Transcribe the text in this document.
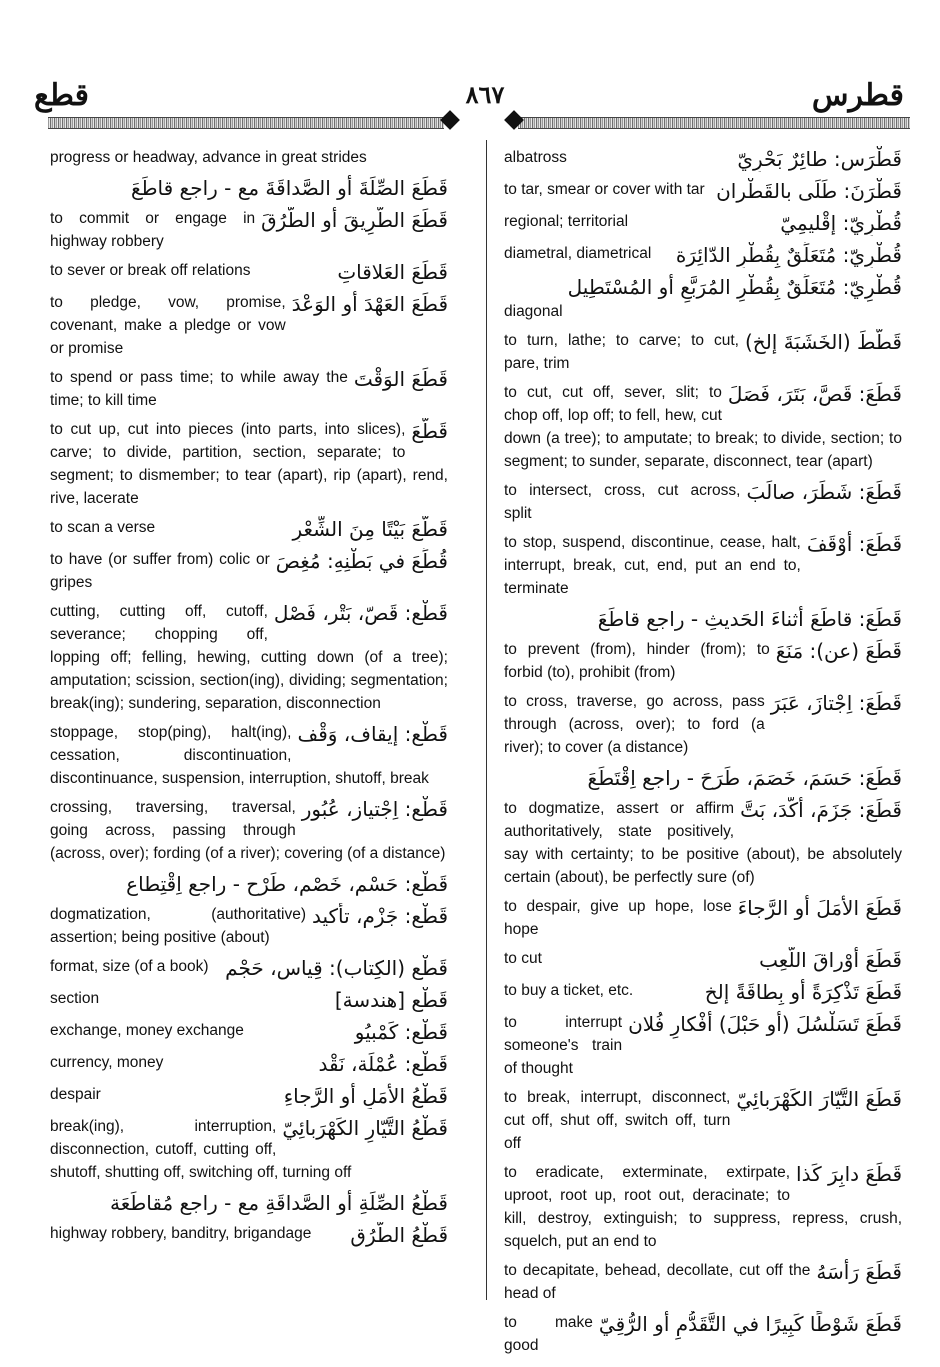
قطع	٨٦٧	قطرس
progress or headway, advance in great strides
قَطَعَ الصِّلَةَ أو الصَّداقَةَ مع - راجع قاطَعَ
قَطَعَ الطَّرِيقَ أو الطُّرُقَ
to commit or engage in highway robbery
قَطَعَ العَلاقاتِ
to sever or break off relations
قَطَعَ العَهْدَ أو الوَعْدَ
to pledge, vow, promise, covenant, make a pledge or vow or promise
قَطَعَ الوَقْتَ
to spend or pass time; to while away the time; to kill time
قَطَّعَ
to cut up, cut into pieces (into parts, into slices), carve; to divide, partition, section, separate; to segment; to dismember; to tear (apart), rip (apart), rend, rive, lacerate
قَطَّعَ بَيْتًا مِنَ الشِّعْرِ
to scan a verse
قُطِّعَ في بَطْنِهِ: مُغِصَ
to have (or suffer from) colic or gripes
قَطْع: قَصّ، بَتْر، فَصْل
cutting, cutting off, cutoff, severance; chopping off, lopping off; felling, hewing, cutting down (of a tree); amputation; scission, section(ing), dividing; segmentation; break(ing); sundering, separation, disconnection
قَطْع: إيقاف، وَقْف
stoppage, stop(ping), halt(ing), cessation, discontinuation, discontinuance, suspension, interruption, shutoff, break
قَطْع: اِجْتياز، عُبُور
crossing, traversing, traversal, going across, passing through (across, over); fording (of a river); covering (of a distance)
قَطْع: حَسْم، خَصْم، طَرْح - راجع اِقْتِطاع
قَطْع: جَزْم، تأكيد
dogmatization, (authoritative) assertion; being positive (about)
قَطْع (الكِتاب): قِياس، حَجْم
format, size (of a book)
قَطْع [هندسة]
section
قَطْع: كَمْبيُو
exchange, money exchange
قَطْع: عُمْلَة، نَقْد
currency, money
قَطْعُ الأَمَلِ أو الرَّجاءِ
despair
قَطْعُ التَّيّارِ الكَهْرَبائِيّ
break(ing), interruption, disconnection, cutoff, cutting off, shutoff, shutting off, switching off, turning off
قَطْعُ الصِّلَةِ أو الصَّداقَةِ مع - راجع مُقاطَعَة
قَطْعُ الطُّرُقِ
highway robbery, banditry, brigandage
قَطْرَس: طائِرٌ بَحْرِيّ
albatross
قَطْرَنَ: طَلَى بالقَطْران
to tar, smear or cover with tar
قُطْرِيّ: إقْليمِيّ
regional; territorial
قُطْرِيّ: مُتَعَلِّقٌ بِقُطْرِ الدّائِرَة
diametral, diametrical
قُطْرِيّ: مُتَعَلِّقٌ بِقُطْرِ المُرَبَّعِ أو المُسْتَطِيل
diagonal
قَطَّطَ (الخَشَبَةَ إلخ)
to turn, lathe; to carve; to cut, pare, trim
قَطَعَ: قَصَّ، بَتَرَ، فَصَلَ
to cut, cut off, sever, slit; to chop off, lop off; to fell, hew, cut down (a tree); to amputate; to break; to divide, section; to segment; to sunder, separate, disconnect, tear (apart)
قَطَعَ: شَطَرَ، صالَبَ
to intersect, cross, cut across, split
قَطَعَ: أَوْقَفَ
to stop, suspend, discontinue, cease, halt, interrupt, break, cut, end, put an end to, terminate
قَطَعَ: قاطَعَ أثناءَ الحَديثِ - راجع قاطَعَ
قَطَعَ (عن): مَنَعَ
to prevent (from), hinder (from); to forbid (to), prohibit (from)
قَطَعَ: اِجْتازَ، عَبَرَ
to cross, traverse, go across, pass through (across, over); to ford (a river); to cover (a distance)
قَطَعَ: حَسَمَ، خَصَمَ، طَرَحَ - راجع اِقْتَطَعَ
قَطَعَ: جَزَمَ، أَكَّدَ، بَتَّ
to dogmatize, assert or affirm authoritatively, state positively, say with certainty; to be positive (about), be absolutely certain (about), be perfectly sure (of)
قَطَعَ الأَمَلَ أو الرَّجاءَ
to despair, give up hope, lose hope
قَطَعَ أَوْراقَ اللَّعِب
to cut
قَطَعَ تَذْكِرَةً أو بِطاقَةً إلخ
to buy a ticket, etc.
قَطَعَ تَسَلْسُلَ (أو حَبْلَ) أَفْكارِ فُلان
to interrupt someone's train of thought
قَطَعَ التَّيّارَ الكَهْرَبائِيّ
to break, interrupt, disconnect, cut off, shut off, switch off, turn off
قَطَعَ دابِرَ كَذا
to eradicate, exterminate, extirpate, uproot, root up, root out, deracinate; to kill, destroy, extinguish; to suppress, repress, crush, squelch, put an end to
قَطَعَ رَأْسَهُ
to decapitate, behead, decollate, cut off the head of
قَطَعَ شَوْطًا كَبِيرًا في التَّقَدُّمِ أو الرُّقِيّ
to make good
